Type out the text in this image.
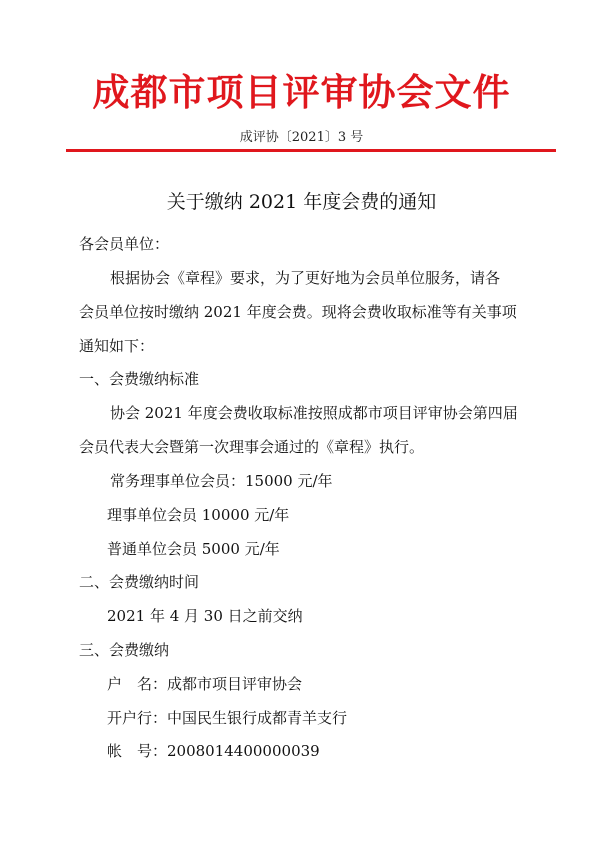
成都市项目评审协会文件
成评协〔2021〕3 号
关于缴纳 2021 年度会费的通知
各会员单位：
根据协会《章程》要求，为了更好地为会员单位服务，请各
会员单位按时缴纳 2021 年度会费。现将会费收取标准等有关事项
通知如下：
一、会费缴纳标准
协会 2021 年度会费收取标准按照成都市项目评审协会第四届
会员代表大会暨第一次理事会通过的《章程》执行。
常务理事单位会员：15000 元/年
理事单位会员 10000 元/年
普通单位会员 5000 元/年
二、会费缴纳时间
2021 年 4 月 30 日之前交纳
三、会费缴纳
户　名：成都市项目评审协会
开户行：中国民生银行成都青羊支行
帐　号：2008014400000039
